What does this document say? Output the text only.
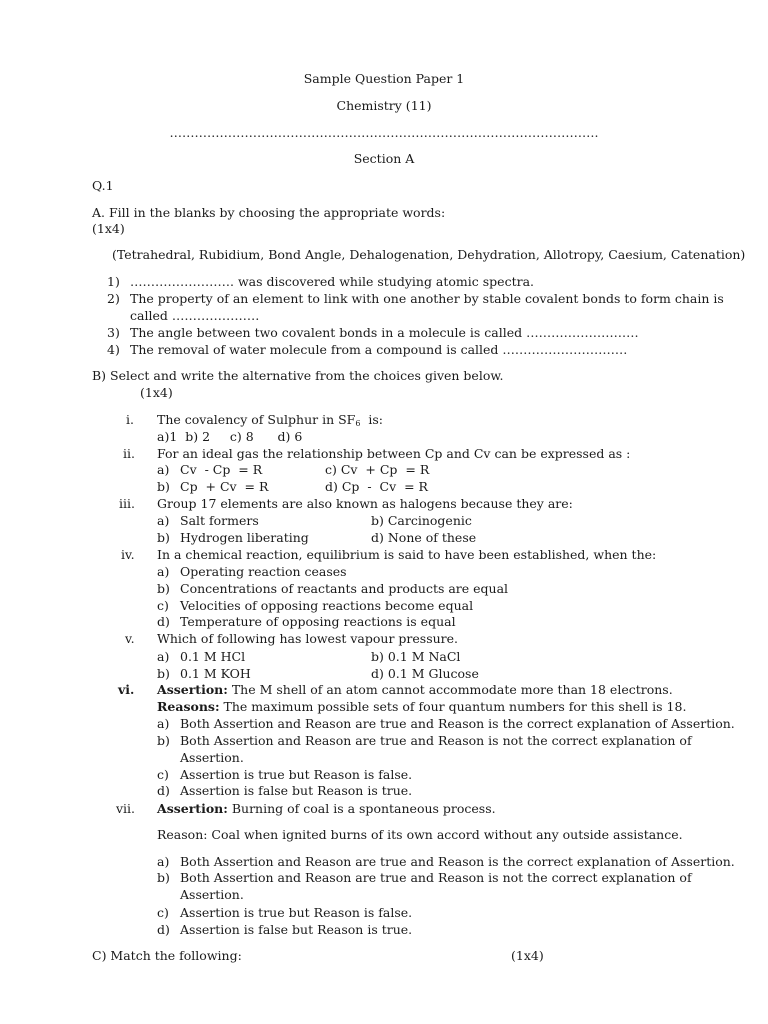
Sample Question Paper 1
Chemistry (11)
………………………………………………………………………………………….
Section A
Q.1
A. Fill in the blanks by choosing the appropriate words:
(1x4)
(Tetrahedral, Rubidium, Bond Angle, Dehalogenation, Dehydration, Allotropy, Caesium, Catenation)
1) ……………………. was discovered while studying atomic spectra.
2) The property of an element to link with one another by stable covalent bonds to form chain is
called …………………
3) The angle between two covalent bonds in a molecule is called ………………………
4) The removal of water molecule from a compound is called …………………………
B) Select and write the alternative from the choices given below.
(1x4)
i. The covalency of Sulphur in $SF_6$  is:
a)1  b) 2     c) 8      d) 6
ii. For an ideal gas the relationship between Cp and Cv can be expressed as :
a) Cv  - Cp  = R	c) Cv  + Cp  = R
b) Cp  + Cv  = R	d) Cp  -  Cv  = R
iii. Group 17 elements are also known as halogens because they are:
a) Salt formers	b) Carcinogenic
b) Hydrogen liberating	d) None of these
iv. In a chemical reaction, equilibrium is said to have been established, when the:
a) Operating reaction ceases
b) Concentrations of reactants and products are equal
c) Velocities of opposing reactions become equal
d) Temperature of opposing reactions is equal
v. Which of following has lowest vapour pressure.
a) 0.1 M HCl	b) 0.1 M NaCl
b) 0.1 M KOH	d) 0.1 M Glucose
vi. Assertion: The M shell of an atom cannot accommodate more than 18 electrons.
Reasons: The maximum possible sets of four quantum numbers for this shell is 18.
a) Both Assertion and Reason are true and Reason is the correct explanation of Assertion.
b) Both Assertion and Reason are true and Reason is not the correct explanation of
Assertion.
c) Assertion is true but Reason is false.
d) Assertion is false but Reason is true.
vii. Assertion: Burning of coal is a spontaneous process.
Reason: Coal when ignited burns of its own accord without any outside assistance.
a) Both Assertion and Reason are true and Reason is the correct explanation of Assertion.
b) Both Assertion and Reason are true and Reason is not the correct explanation of
Assertion.
c) Assertion is true but Reason is false.
d) Assertion is false but Reason is true.
C) Match the following:	(1x4)
